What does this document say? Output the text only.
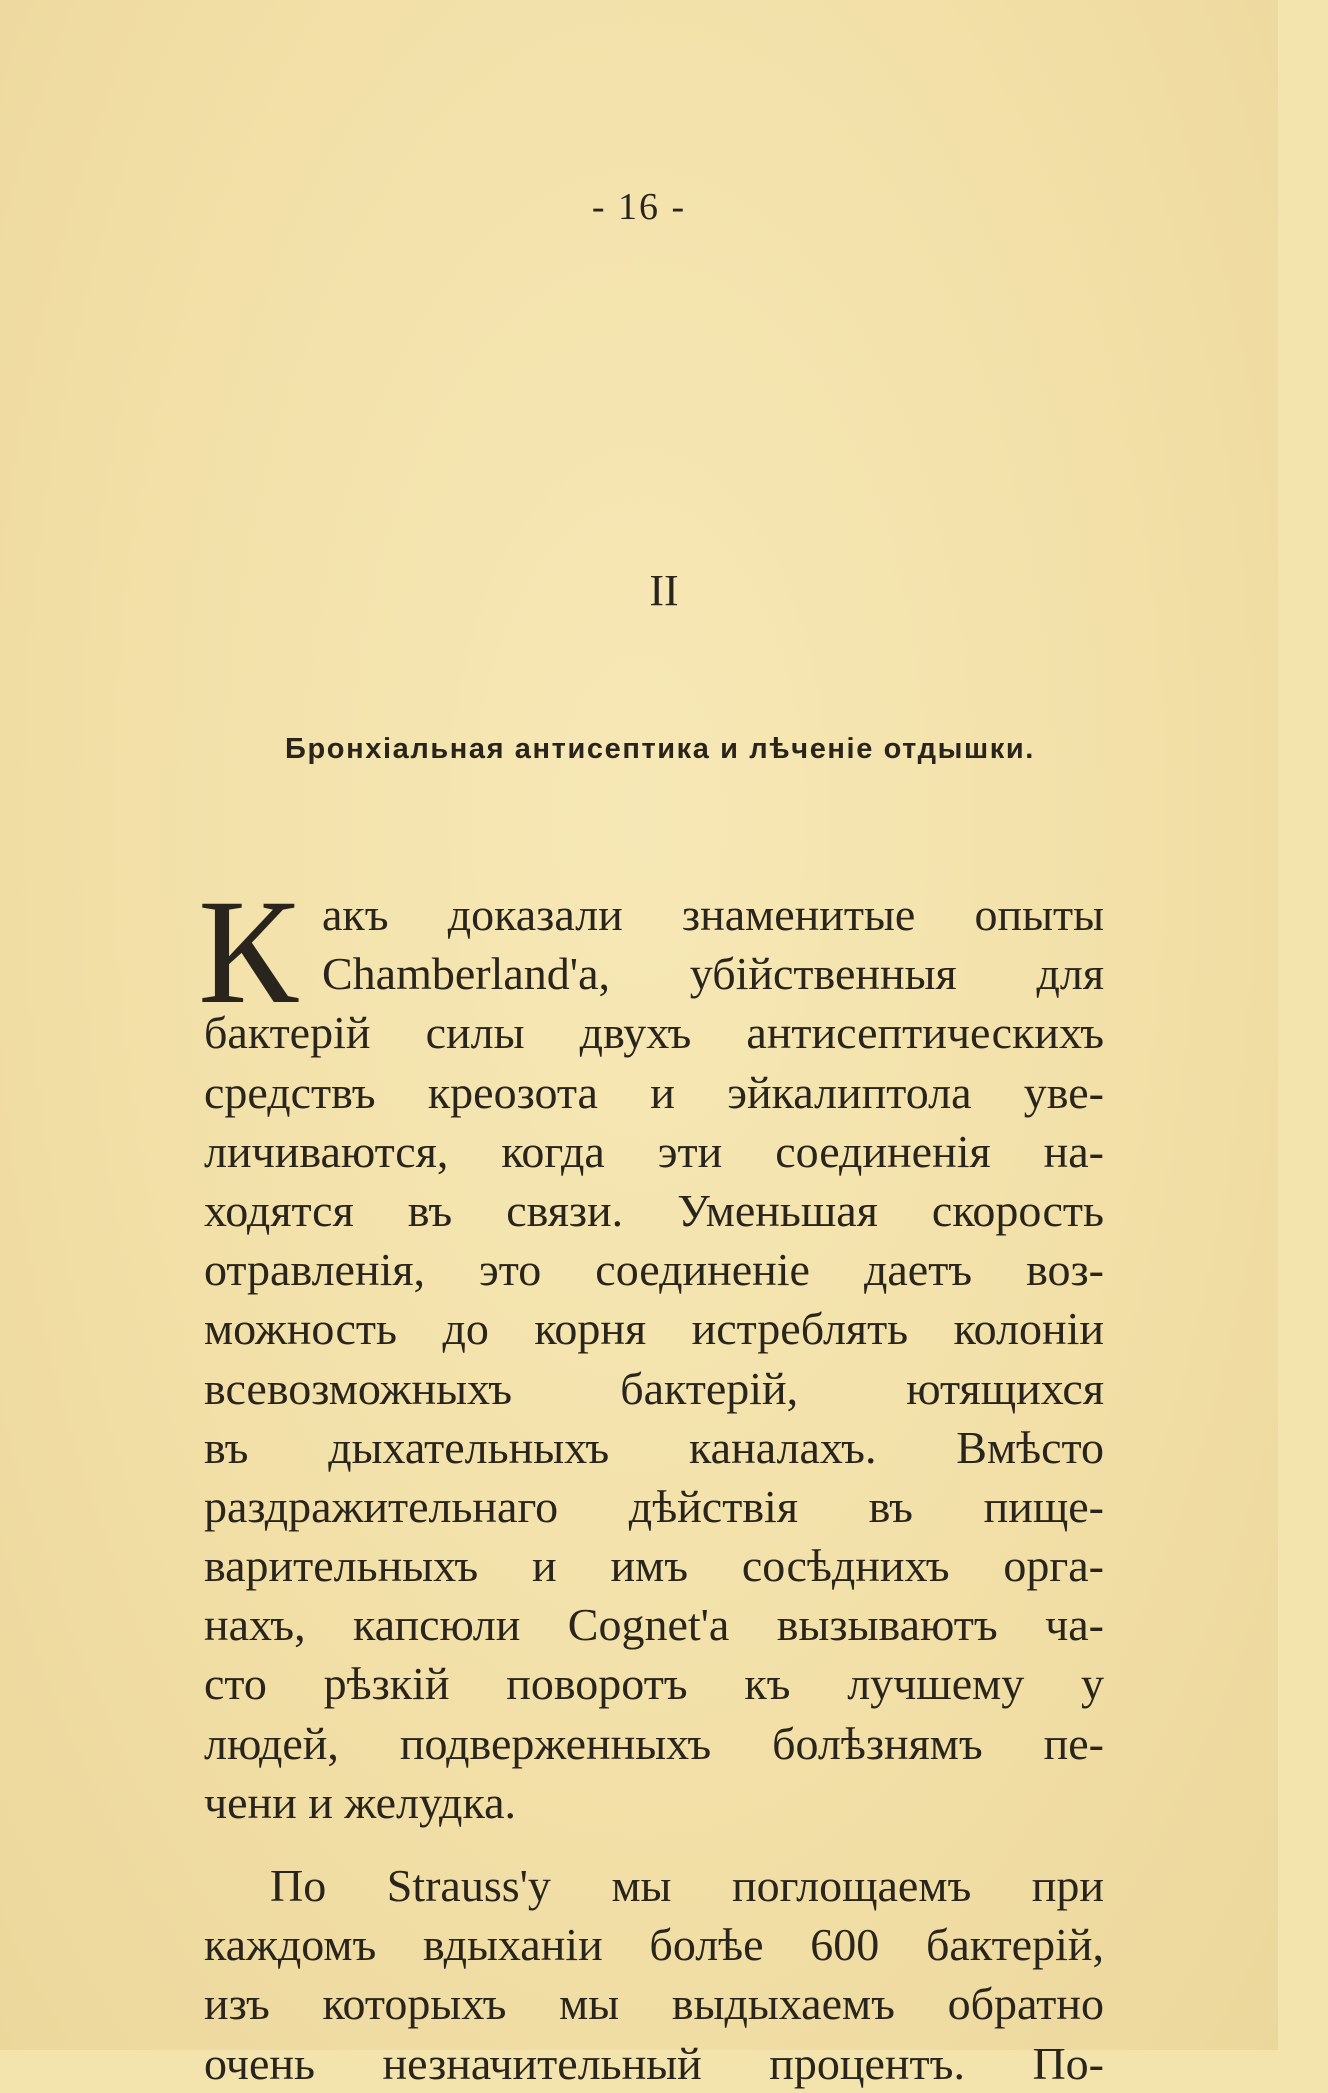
- 16 -
II
Бронхіальная антисептика и лѣченіе отдышки.
К акъ доказали знаменитые опыты
Chamberland'a, убійственныя для
бактерій силы двухъ антисептическихъ
средствъ креозота и эйкалиптола уве-
личиваются, когда эти соединенія на-
ходятся въ связи. Уменьшая скорость
отравленія, это соединеніе даетъ воз-
можность до корня истреблять колоніи
всевозможныхъ бактерій, ютящихся
въ дыхательныхъ каналахъ. Вмѣсто
раздражительнаго дѣйствія въ пище-
варительныхъ и имъ сосѣднихъ орга-
нахъ, капсюли Cognet'a вызываютъ ча-
сто рѣзкій поворотъ къ лучшему у
людей, подверженныхъ болѣзнямъ пе-
чени и желудка.
По Strauss'y мы поглощаемъ при
каждомъ вдыханіи болѣе 600 бактерій,
изъ которыхъ мы выдыхаемъ обратно
очень незначительный процентъ. По-
